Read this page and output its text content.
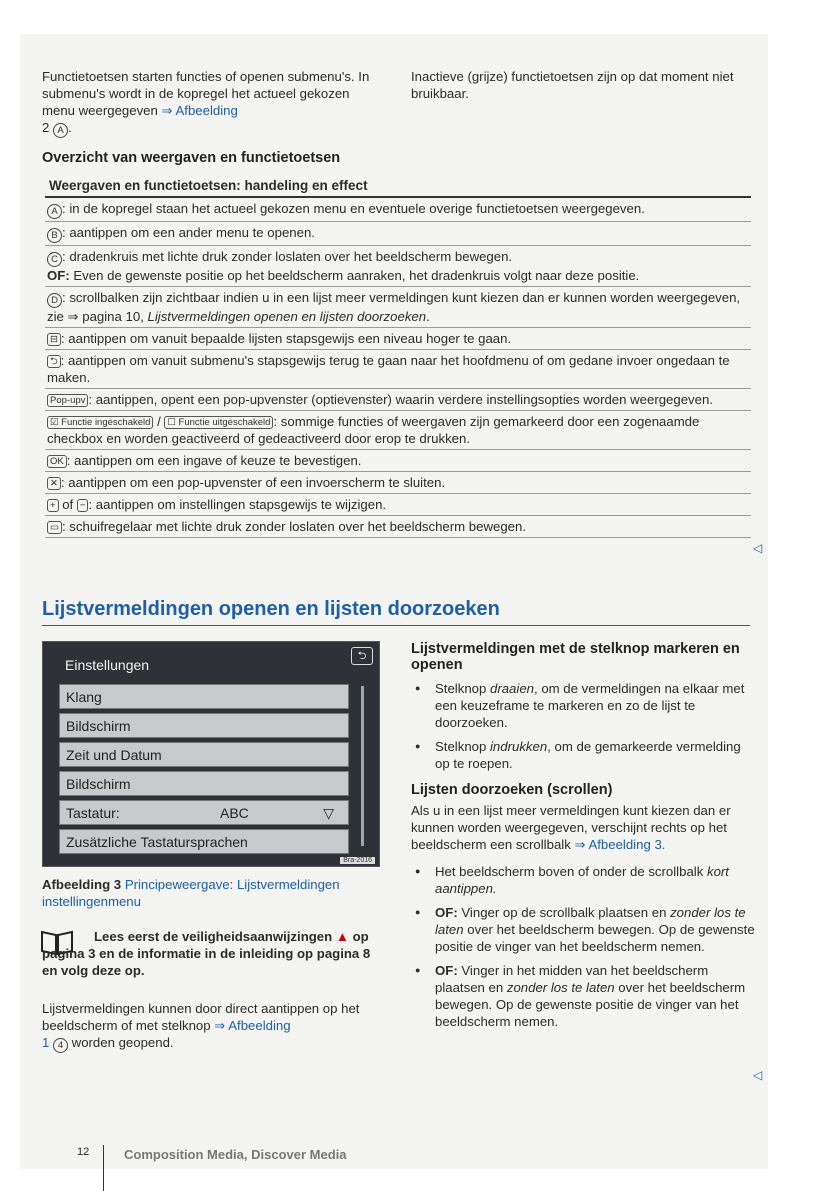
Functietoetsen starten functies of openen submenu's. In submenu's wordt in de kopregel het actueel gekozen menu weergegeven ⇒ Afbeelding
2 A .

Inactieve (grijze) functietoetsen zijn op dat moment niet bruikbaar.

Overzicht van weergaven en functietoetsen
Weergaven en functietoetsen: handeling en effect
A : in de kopregel staan het actueel gekozen menu en eventuele overige functietoetsen weergegeven.
B : aantippen om een ander menu te openen.
C : dradenkruis met lichte druk zonder loslaten over het beeldscherm bewegen.
OF: Even de gewenste positie op het beeldscherm aanraken, het dradenkruis volgt naar deze positie.
D : scrollbalken zijn zichtbaar indien u in een lijst meer vermeldingen kunt kiezen dan er kunnen worden weergegeven, zie ⇒ pagina 10, Lijstvermeldingen openen en lijsten doorzoeken.
⊟ : aantippen om vanuit bepaalde lijsten stapsgewijs een niveau hoger te gaan.
⮌ : aantippen om vanuit submenu's stapsgewijs terug te gaan naar het hoofdmenu of om gedane invoer ongedaan te maken.
Pop-upv : aantippen, opent een pop-upvenster (optievenster) waarin verdere instellingsopties worden weergegeven.
☑ Functie ingeschakeld / ☐ Functie uitgeschakeld : sommige functies of weergaven zijn gemarkeerd door een zogenaamde checkbox en worden geactiveerd of gedeactiveerd door erop te drukken.
OK : aantippen om een ingave of keuze te bevestigen.
✕ : aantippen om een pop-upvenster of een invoerscherm te sluiten.
+ of − : aantippen om instellingen stapsgewijs te wijzigen.
▭ : schuifregelaar met lichte druk zonder loslaten over het beeldscherm bewegen.
◁
Lijstvermeldingen openen en lijsten doorzoeken
Einstellungen
⮌
Klang
Bildschirm
Zeit und Datum
Bildschirm
Tastatur:	ABC	▽
Zusätzliche Tastatursprachen
Bra-2016

Afbeelding 3 Principeweergave: Lijstvermeldingen instellingenmenu

Lees eerst de veiligheidsaanwijzingen ▲ op pagina 3 en de informatie in de inleiding op pagina 8 en volg deze op.

Lijstvermeldingen kunnen door direct aantippen op het beeldscherm of met stelknop ⇒ Afbeelding
1 4 worden geopend.

Lijstvermeldingen met de stelknop markeren en openen

● Stelknop draaien, om de vermeldingen na elkaar met een keuzeframe te markeren en zo de lijst te doorzoeken.

● Stelknop indrukken, om de gemarkeerde vermelding op te roepen.

Lijsten doorzoeken (scrollen)

Als u in een lijst meer vermeldingen kunt kiezen dan er kunnen worden weergegeven, verschijnt rechts op het beeldscherm een scrollbalk ⇒ Afbeelding 3.

● Het beeldscherm boven of onder de scrollbalk kort aantippen.

● OF: Vinger op de scrollbalk plaatsen en zonder los te laten over het beeldscherm bewegen. Op de gewenste positie de vinger van het beeldscherm nemen.

● OF: Vinger in het midden van het beeldscherm plaatsen en zonder los te laten over het beeldscherm bewegen. Op de gewenste positie de vinger van het beeldscherm nemen.

◁
12	Composition Media, Discover Media
